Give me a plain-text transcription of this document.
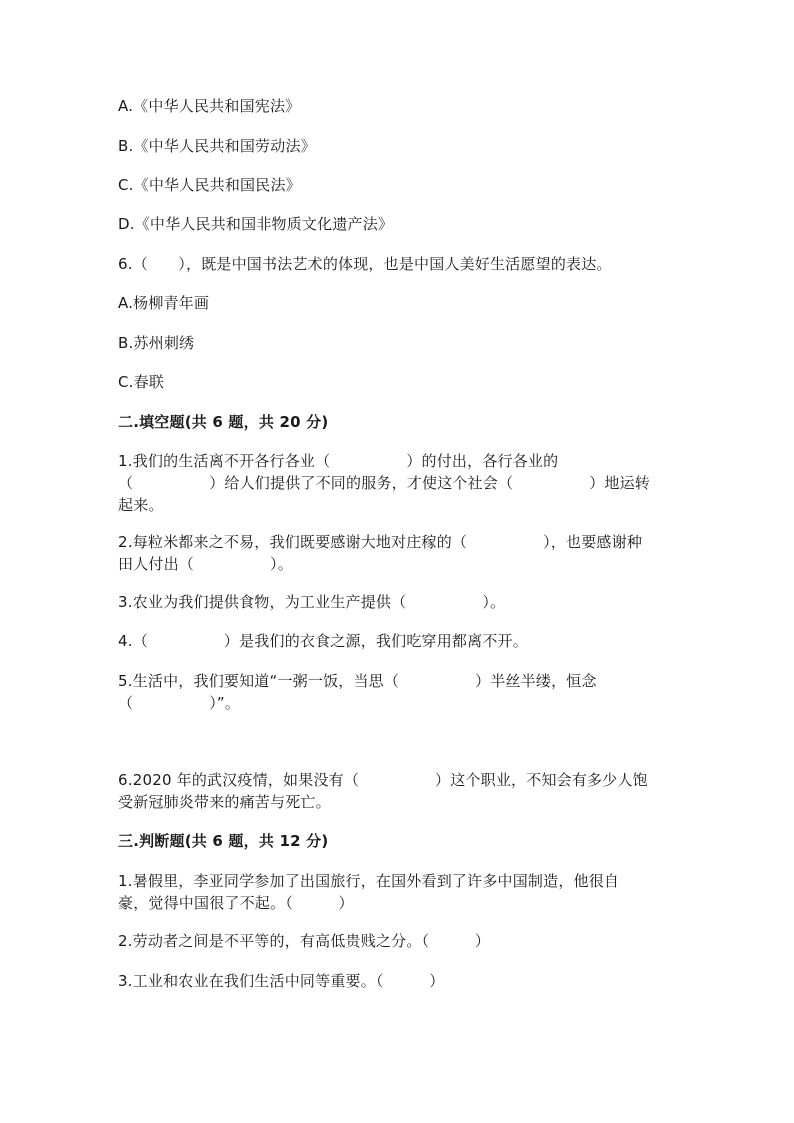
A.《中华人民共和国宪法》
B.《中华人民共和国劳动法》
C.《中华人民共和国民法》
D.《中华人民共和国非物质文化遗产法》
6.（　　），既是中国书法艺术的体现，也是中国人美好生活愿望的表达。
A.杨柳青年画
B.苏州刺绣
C.春联
二.填空题(共 6 题，共 20 分)
1.我们的生活离不开各行各业（　　　　　）的付出，各行各业的
（　　　　　）给人们提供了不同的服务，才使这个社会（　　　　　）地运转
起来。
2.每粒米都来之不易，我们既要感谢大地对庄稼的（　　　　　），也要感谢种
田人付出（　　　　　）。
3.农业为我们提供食物，为工业生产提供（　　　　　）。
4.（　　　　　）是我们的衣食之源，我们吃穿用都离不开。
5.生活中，我们要知道“一粥一饭，当思（　　　　　）半丝半缕，恒念
（　　　　　）”。
6.2020 年的武汉疫情，如果没有（　　　　　）这个职业，不知会有多少人饱
受新冠肺炎带来的痛苦与死亡。
三.判断题(共 6 题，共 12 分)
1.暑假里，李亚同学参加了出国旅行，在国外看到了许多中国制造，他很自
豪，觉得中国很了不起。（　　　）
2.劳动者之间是不平等的，有高低贵贱之分。（　　　）
3.工业和农业在我们生活中同等重要。（　　　）
